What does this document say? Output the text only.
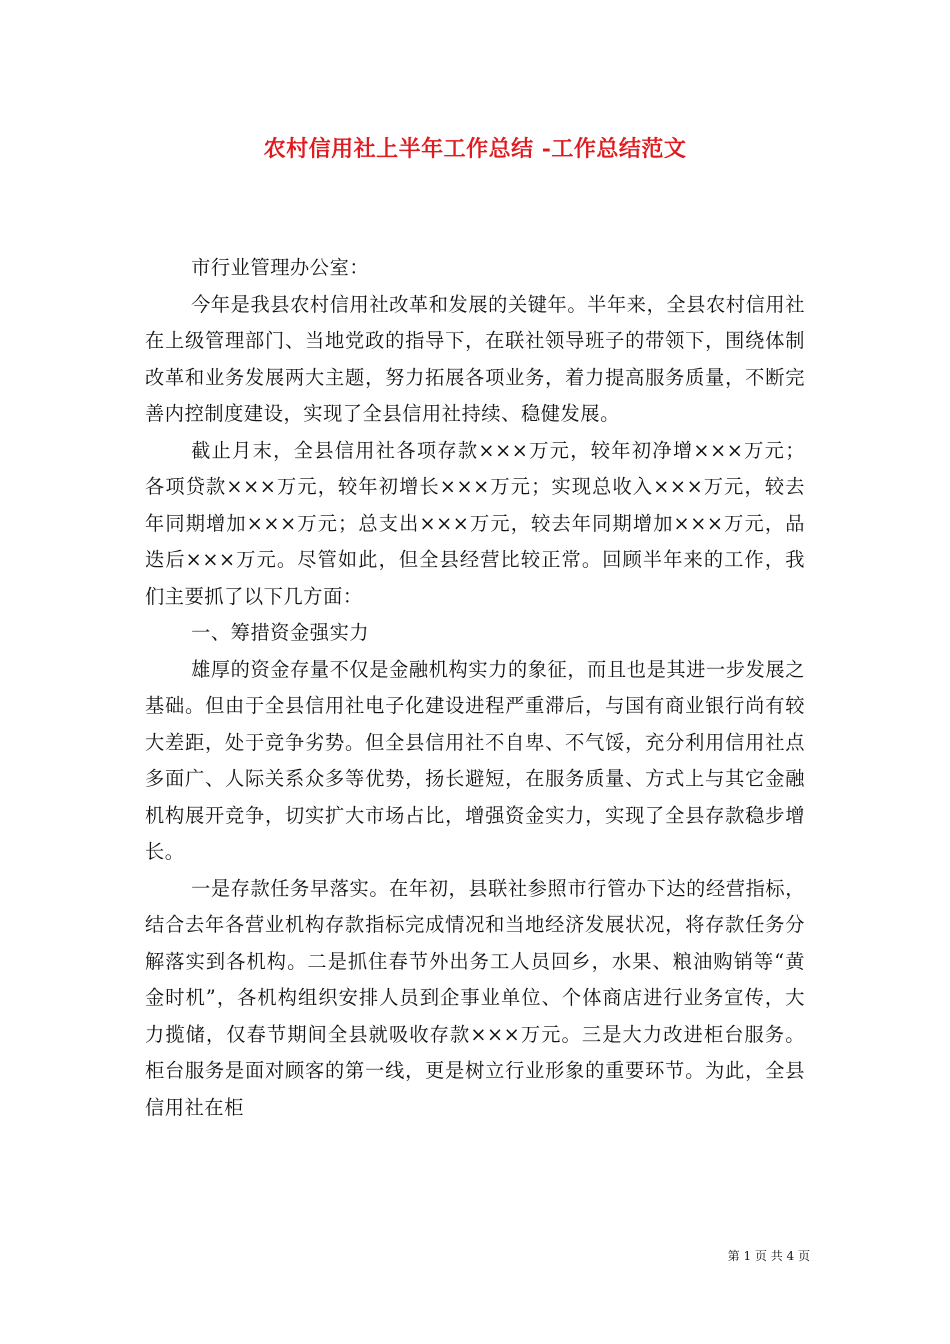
农村信用社上半年工作总结 -工作总结范文

市行业管理办公室：

今年是我县农村信用社改革和发展的关键年。半年来，全县农村信用社在上级管理部门、当地党政的指导下，在联社领导班子的带领下，围绕体制改革和业务发展两大主题，努力拓展各项业务，着力提高服务质量，不断完善内控制度建设，实现了全县信用社持续、稳健发展。

截止月末，全县信用社各项存款×××万元，较年初净增×××万元；各项贷款×××万元，较年初增长×××万元；实现总收入×××万元，较去年同期增加×××万元；总支出×××万元，较去年同期增加×××万元，品迭后×××万元。尽管如此，但全县经营比较正常。回顾半年来的工作，我们主要抓了以下几方面：

一、筹措资金强实力

雄厚的资金存量不仅是金融机构实力的象征，而且也是其进一步发展之基础。但由于全县信用社电子化建设进程严重滞后，与国有商业银行尚有较大差距，处于竞争劣势。但全县信用社不自卑、不气馁，充分利用信用社点多面广、人际关系众多等优势，扬长避短，在服务质量、方式上与其它金融机构展开竞争，切实扩大市场占比，增强资金实力，实现了全县存款稳步增长。

一是存款任务早落实。在年初，县联社参照市行管办下达的经营指标，结合去年各营业机构存款指标完成情况和当地经济发展状况，将存款任务分解落实到各机构。二是抓住春节外出务工人员回乡，水果、粮油购销等“黄金时机”，各机构组织安排人员到企事业单位、个体商店进行业务宣传，大力揽储，仅春节期间全县就吸收存款×××万元。三是大力改进柜台服务。柜台服务是面对顾客的第一线，更是树立行业形象的重要环节。为此，全县信用社在柜

第 1 页 共 4 页
